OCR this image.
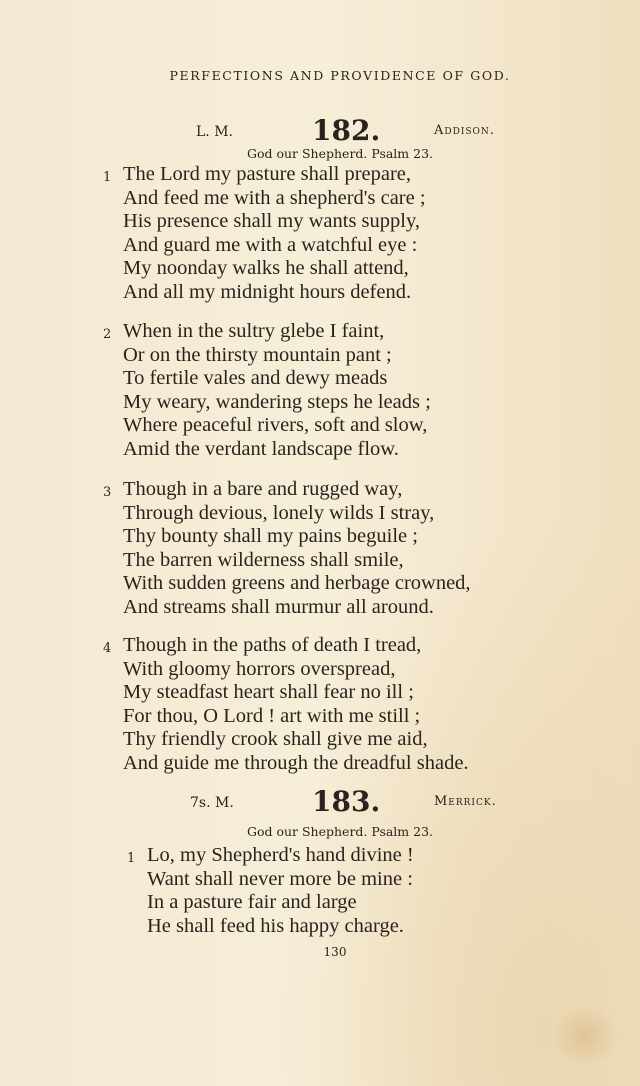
PERFECTIONS AND PROVIDENCE OF GOD.
L. M.	182.	Addison.
God our Shepherd. Psalm 23.
1 The Lord my pasture shall prepare,
And feed me with a shepherd's care ;
His presence shall my wants supply,
And guard me with a watchful eye :
My noonday walks he shall attend,
And all my midnight hours defend.
2 When in the sultry glebe I faint,
Or on the thirsty mountain pant ;
To fertile vales and dewy meads
My weary, wandering steps he leads ;
Where peaceful rivers, soft and slow,
Amid the verdant landscape flow.
3 Though in a bare and rugged way,
Through devious, lonely wilds I stray,
Thy bounty shall my pains beguile ;
The barren wilderness shall smile,
With sudden greens and herbage crowned,
And streams shall murmur all around.
4 Though in the paths of death I tread,
With gloomy horrors overspread,
My steadfast heart shall fear no ill ;
For thou, O Lord ! art with me still ;
Thy friendly crook shall give me aid,
And guide me through the dreadful shade.
7s. M.	183.	Merrick.
God our Shepherd. Psalm 23.
1 Lo, my Shepherd's hand divine !
Want shall never more be mine :
In a pasture fair and large
He shall feed his happy charge.
130
